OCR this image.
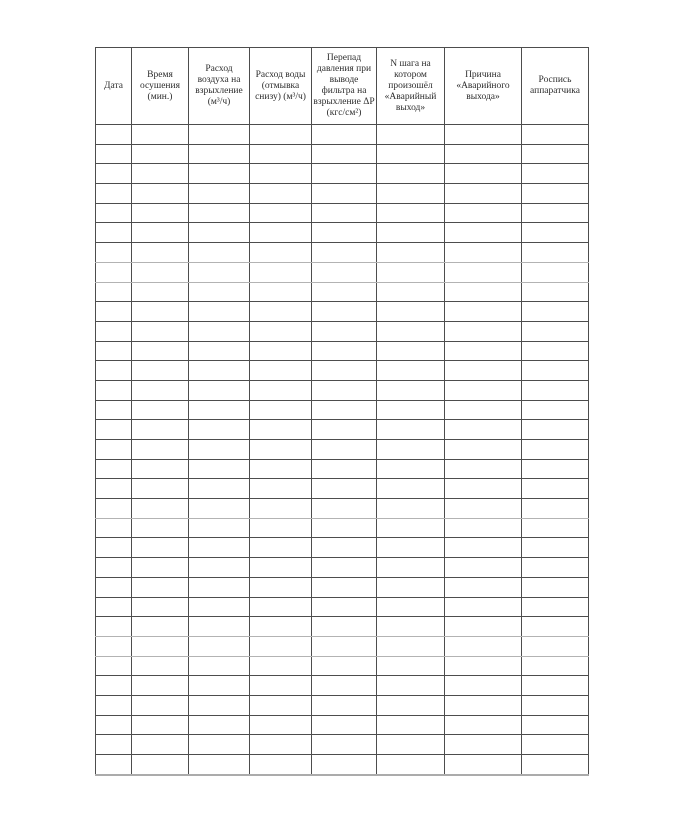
Дата	Время осушения (мин.)	Расход воздуха на взрыхление (м³/ч)	Расход воды (отмывка снизу) (м³/ч)	Перепад давления при выводе фильтра на взрыхление ΔР (кгс/см²)	N шага на котором произошёл «Аварийный выход»	Причина «Аварийного выхода»	Роспись аппаратчика
